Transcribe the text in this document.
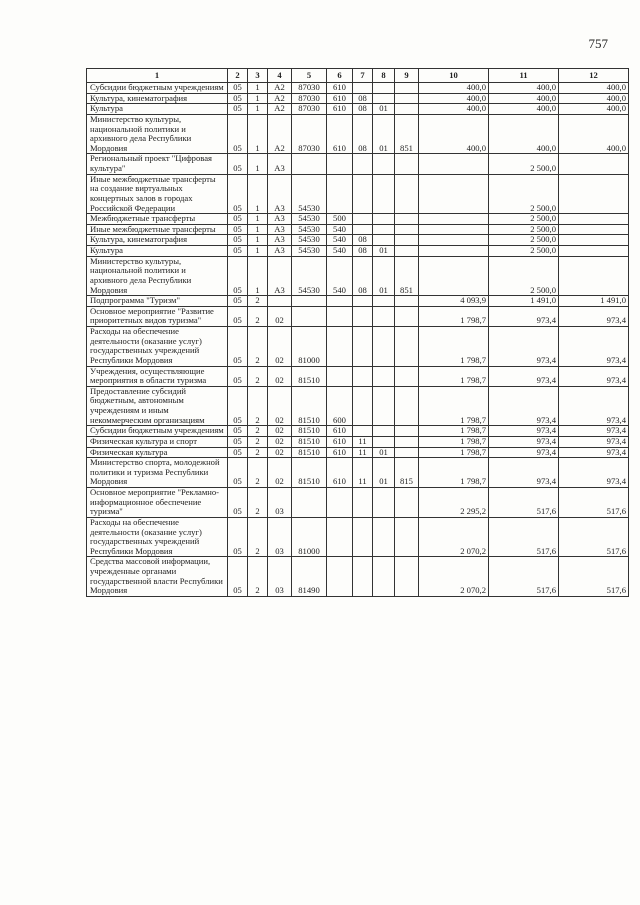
757
1	2	3	4	5	6	7	8	9	10	11	12
Субсидии бюджетным учреждениям	05	1	А2	87030	610				400,0	400,0	400,0
Культура, кинематография	05	1	А2	87030	610	08			400,0	400,0	400,0
Культура	05	1	А2	87030	610	08	01		400,0	400,0	400,0
Министерство культуры, национальной политики и архивного дела Республики Мордовия	05	1	А2	87030	610	08	01	851	400,0	400,0	400,0
Региональный проект "Цифровая культура"	05	1	А3							2 500,0	
Иные межбюджетные трансферты на создание виртуальных концертных залов в городах Российской Федерации	05	1	А3	54530						2 500,0	
Межбюджетные трансферты	05	1	А3	54530	500					2 500,0	
Иные межбюджетные трансферты	05	1	А3	54530	540					2 500,0	
Культура, кинематография	05	1	А3	54530	540	08				2 500,0	
Культура	05	1	А3	54530	540	08	01			2 500,0	
Министерство культуры, национальной политики и архивного дела Республики Мордовия	05	1	А3	54530	540	08	01	851		2 500,0	
Подпрограмма "Туризм"	05	2							4 093,9	1 491,0	1 491,0
Основное мероприятие "Развитие приоритетных видов туризма"	05	2	02						1 798,7	973,4	973,4
Расходы на обеспечение деятельности (оказание услуг) государственных учреждений Республики Мордовия	05	2	02	81000					1 798,7	973,4	973,4
Учреждения, осуществляющие мероприятия в области туризма	05	2	02	81510					1 798,7	973,4	973,4
Предоставление субсидий бюджетным, автономным учреждениям и иным некоммерческим организациям	05	2	02	81510	600				1 798,7	973,4	973,4
Субсидии бюджетным учреждениям	05	2	02	81510	610				1 798,7	973,4	973,4
Физическая культура и спорт	05	2	02	81510	610	11			1 798,7	973,4	973,4
Физическая культура	05	2	02	81510	610	11	01		1 798,7	973,4	973,4
Министерство спорта, молодежной политики и туризма Республики Мордовия	05	2	02	81510	610	11	01	815	1 798,7	973,4	973,4
Основное мероприятие "Рекламно-информационное обеспечение туризма"	05	2	03						2 295,2	517,6	517,6
Расходы на обеспечение деятельности (оказание услуг) государственных учреждений Республики Мордовия	05	2	03	81000					2 070,2	517,6	517,6
Средства массовой информации, учрежденные органами государственной власти Республики Мордовия	05	2	03	81490					2 070,2	517,6	517,6
